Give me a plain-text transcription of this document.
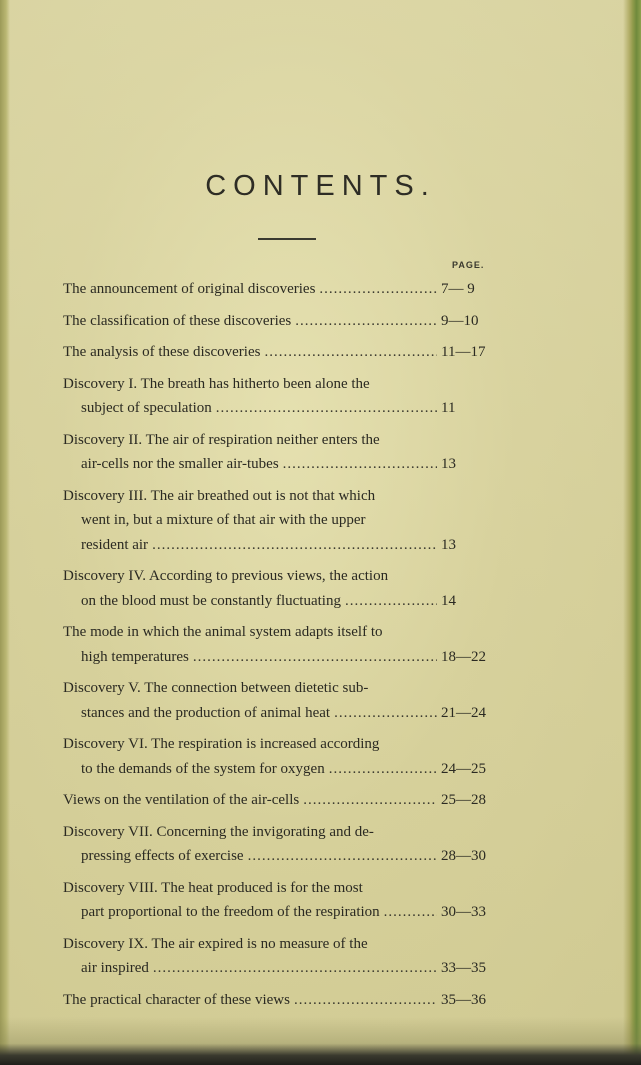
CONTENTS.
PAGE.
The announcement of original discoveries .....	7— 9
The classification of these discoveries .....	9—10
The analysis of these discoveries .....	11—17
Discovery I. The breath has hitherto been alone the
subject of speculation .....	11
Discovery II. The air of respiration neither enters the
air-cells nor the smaller air-tubes .....	13
Discovery III. The air breathed out is not that which
went in, but a mixture of that air with the upper
resident air .....	13
Discovery IV. According to previous views, the action
on the blood must be constantly fluctuating .....	14
The mode in which the animal system adapts itself to
high temperatures .....	18—22
Discovery V. The connection between dietetic sub-
stances and the production of animal heat .....	21—24
Discovery VI. The respiration is increased according
to the demands of the system for oxygen .....	24—25
Views on the ventilation of the air-cells .....	25—28
Discovery VII. Concerning the invigorating and de-
pressing effects of exercise .....	28—30
Discovery VIII. The heat produced is for the most
part proportional to the freedom of the respiration .....	30—33
Discovery IX. The air expired is no measure of the
air inspired .....	33—35
The practical character of these views .....	35—36
